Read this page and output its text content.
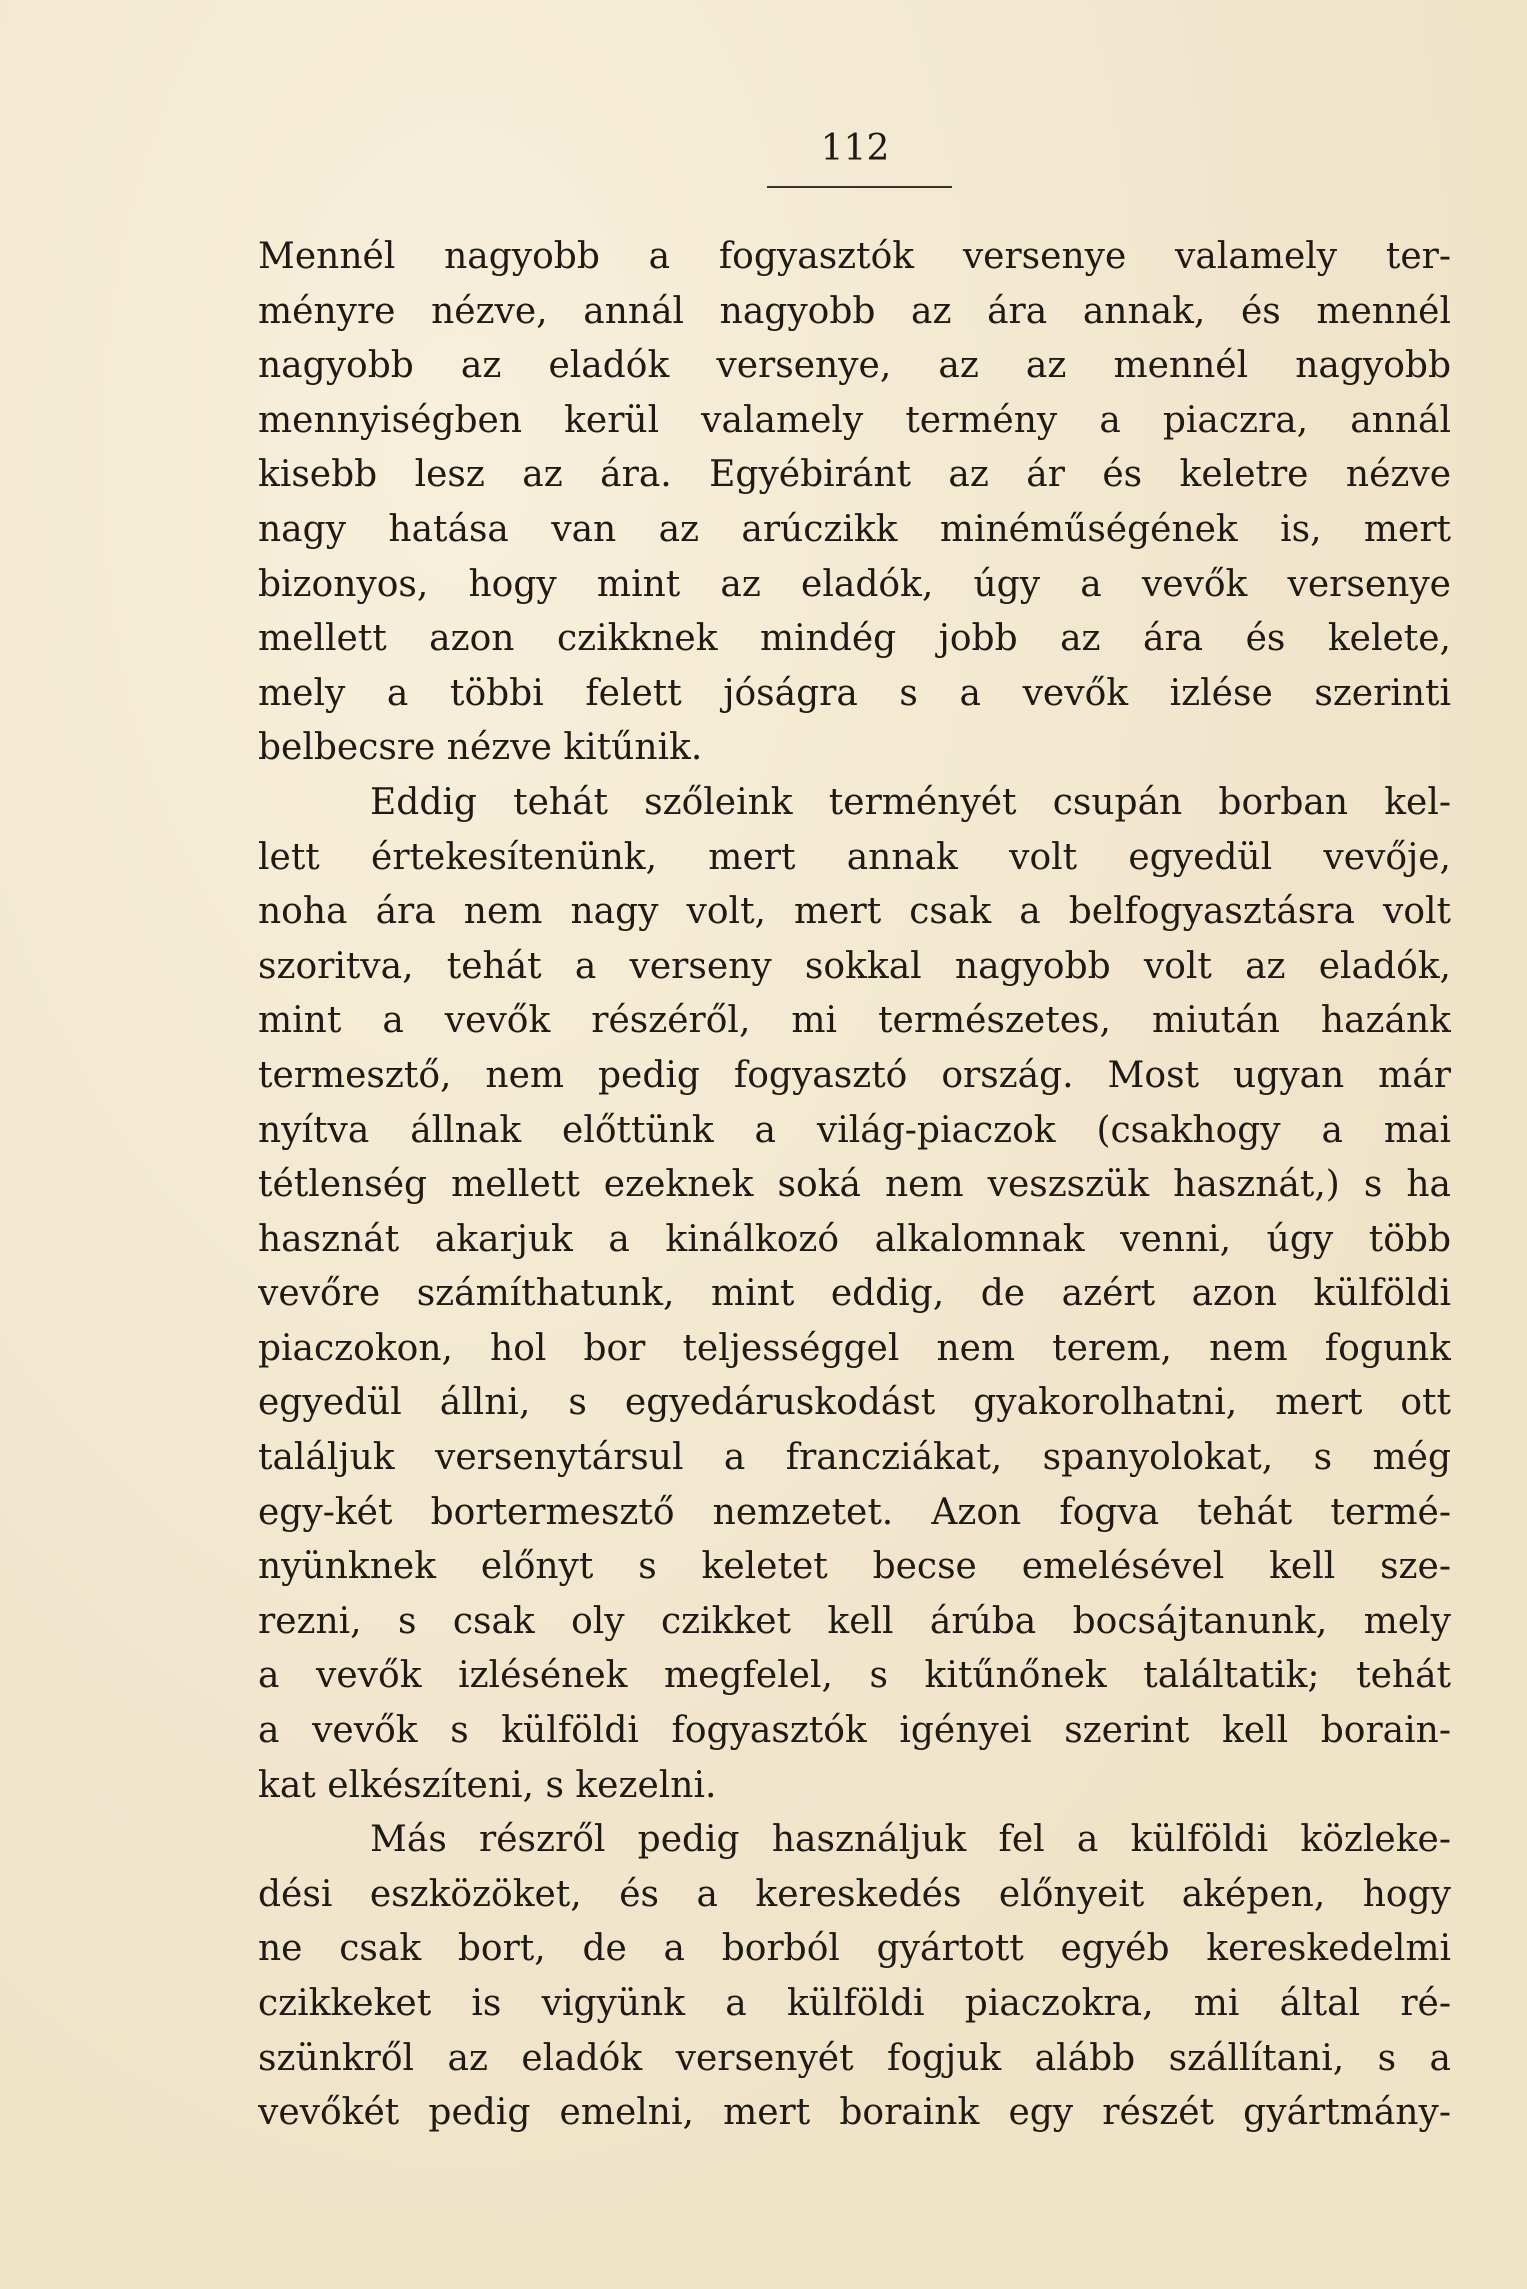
112

Mennél nagyobb a fogyasztók versenye valamely ter-

ményre nézve, annál nagyobb az ára annak, és mennél

nagyobb az eladók versenye, az az mennél nagyobb

mennyiségben kerül valamely termény a piaczra, annál

kisebb lesz az ára. Egyébiránt az ár és keletre nézve

nagy hatása van az arúczikk minéműségének is, mert

bizonyos, hogy mint az eladók, úgy a vevők versenye

mellett azon czikknek mindég jobb az ára és kelete,

mely a többi felett jóságra s a vevők izlése szerinti

belbecsre nézve kitűnik.

Eddig tehát szőleink terményét csupán borban kel-

lett értekesítenünk, mert annak volt egyedül vevője,

noha ára nem nagy volt, mert csak a belfogyasztásra volt

szoritva, tehát a verseny sokkal nagyobb volt az eladók,

mint a vevők részéről, mi természetes, miután hazánk

termesztő, nem pedig fogyasztó ország. Most ugyan már

nyítva állnak előttünk a világ-piaczok (csakhogy a mai

tétlenség mellett ezeknek soká nem veszszük hasznát,) s ha

hasznát akarjuk a kinálkozó alkalomnak venni, úgy több

vevőre számíthatunk, mint eddig, de azért azon külföldi

piaczokon, hol bor teljességgel nem terem, nem fogunk

egyedül állni, s egyedáruskodást gyakorolhatni, mert ott

találjuk versenytársul a francziákat, spanyolokat, s még

egy-két bortermesztő nemzetet. Azon fogva tehát termé-

nyünknek előnyt s keletet becse emelésével kell sze-

rezni, s csak oly czikket kell árúba bocsájtanunk, mely

a vevők izlésének megfelel, s kitűnőnek találtatik; tehát

a vevők s külföldi fogyasztók igényei szerint kell borain-

kat elkészíteni, s kezelni.

Más részről pedig használjuk fel a külföldi közleke-

dési eszközöket, és a kereskedés előnyeit aképen, hogy

ne csak bort, de a borból gyártott egyéb kereskedelmi

czikkeket is vigyünk a külföldi piaczokra, mi által ré-

szünkről az eladók versenyét fogjuk alább szállítani, s a

vevőkét pedig emelni, mert boraink egy részét gyártmány-
